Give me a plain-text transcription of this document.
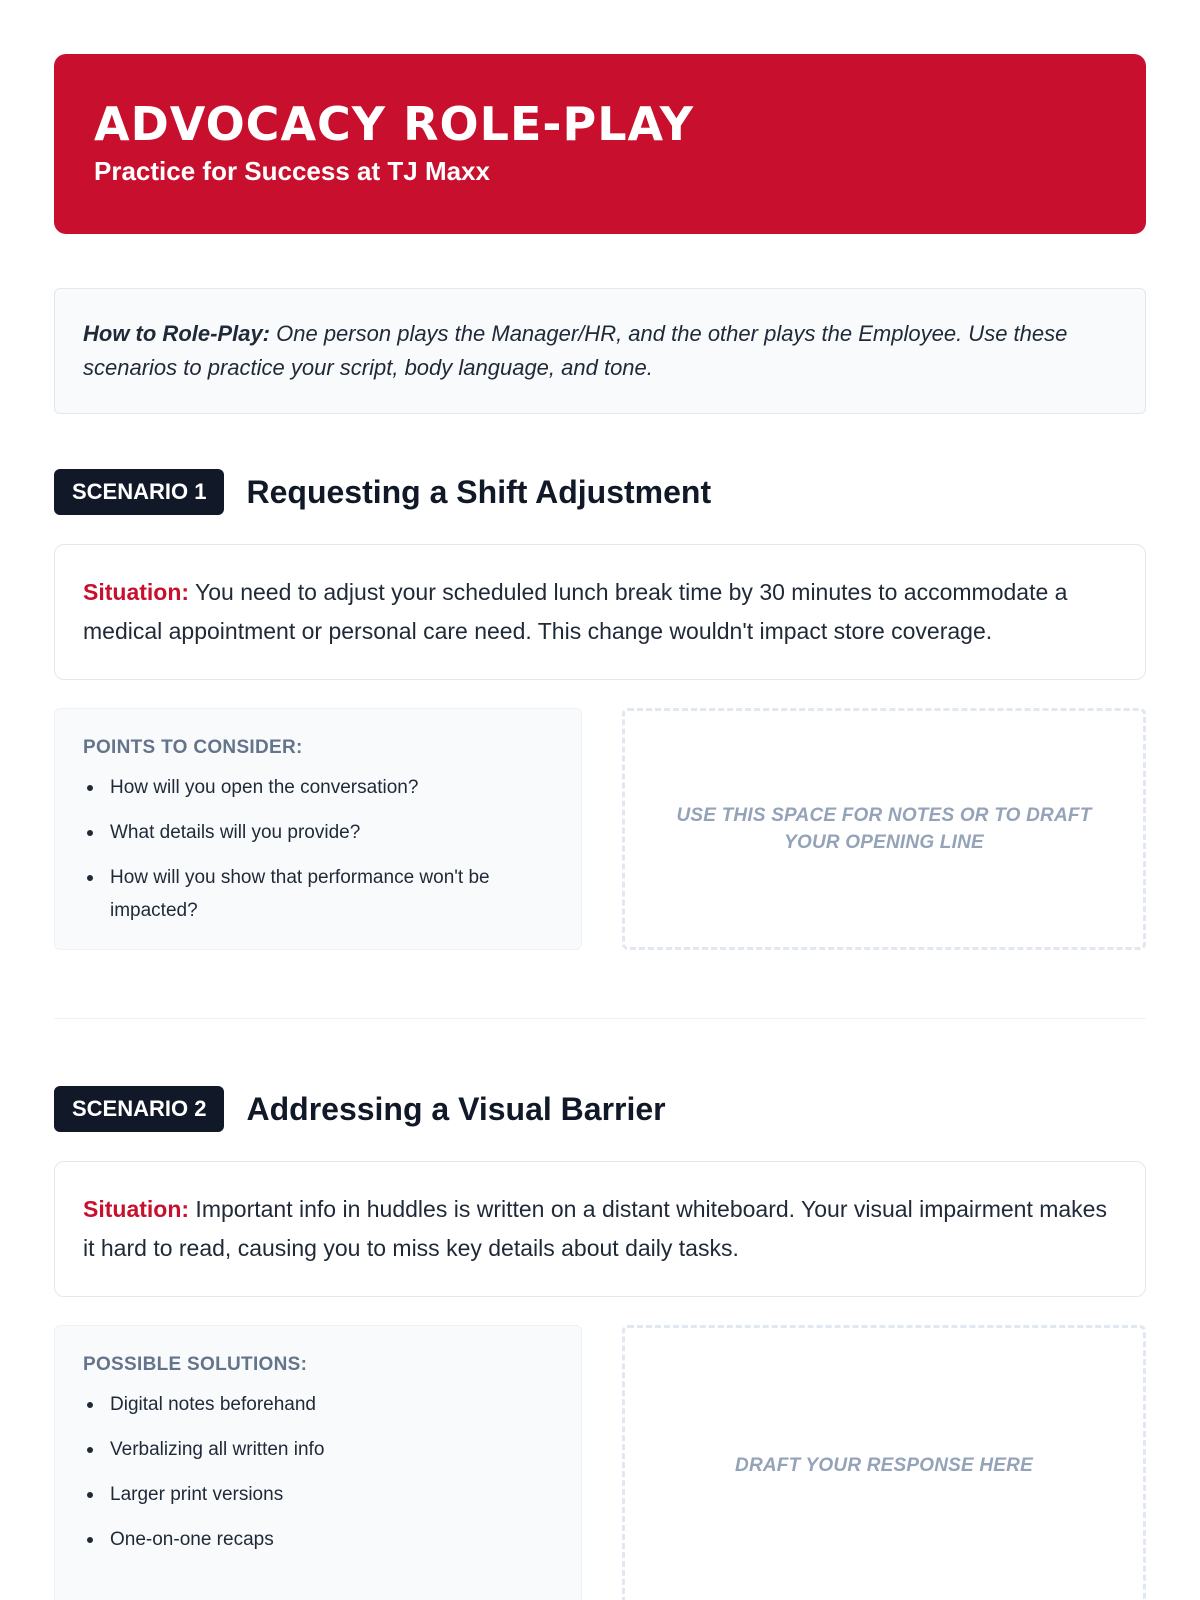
ADVOCACY ROLE-PLAY
Practice for Success at TJ Maxx
How to Role-Play: One person plays the Manager/HR, and the other plays the Employee. Use these scenarios to practice your script, body language, and tone.
SCENARIO 1	Requesting a Shift Adjustment
Situation: You need to adjust your scheduled lunch break time by 30 minutes to accommodate a medical appointment or personal care need. This change wouldn't impact store coverage.
POINTS TO CONSIDER:
How will you open the conversation?
What details will you provide?
How will you show that performance won't be impacted?
USE THIS SPACE FOR NOTES OR TO DRAFT YOUR OPENING LINE
SCENARIO 2	Addressing a Visual Barrier
Situation: Important info in huddles is written on a distant whiteboard. Your visual impairment makes it hard to read, causing you to miss key details about daily tasks.
POSSIBLE SOLUTIONS:
Digital notes beforehand
Verbalizing all written info
Larger print versions
One-on-one recaps
DRAFT YOUR RESPONSE HERE
